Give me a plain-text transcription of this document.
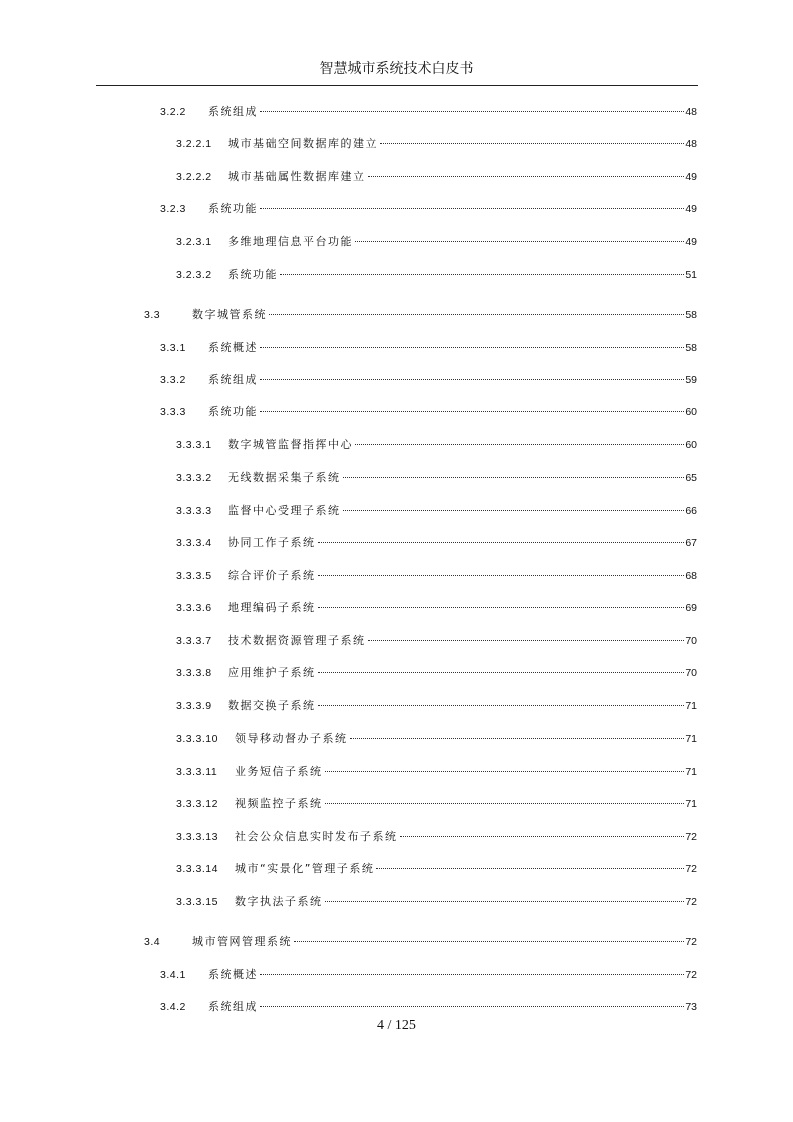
智慧城市系统技术白皮书
3.2.2	系统组成	48
3.2.2.1	城市基础空间数据库的建立	48
3.2.2.2	城市基础属性数据库建立	49
3.2.3	系统功能	49
3.2.3.1	多维地理信息平台功能	49
3.2.3.2	系统功能	51
3.3	数字城管系统	58
3.3.1	系统概述	58
3.3.2	系统组成	59
3.3.3	系统功能	60
3.3.3.1	数字城管监督指挥中心	60
3.3.3.2	无线数据采集子系统	65
3.3.3.3	监督中心受理子系统	66
3.3.3.4	协同工作子系统	67
3.3.3.5	综合评价子系统	68
3.3.3.6	地理编码子系统	69
3.3.3.7	技术数据资源管理子系统	70
3.3.3.8	应用维护子系统	70
3.3.3.9	数据交换子系统	71
3.3.3.10	领导移动督办子系统	71
3.3.3.11	业务短信子系统	71
3.3.3.12	视频监控子系统	71
3.3.3.13	社会公众信息实时发布子系统	72
3.3.3.14	城市“实景化”管理子系统	72
3.3.3.15	数字执法子系统	72
3.4	城市管网管理系统	72
3.4.1	系统概述	72
3.4.2	系统组成	73
4 / 125
